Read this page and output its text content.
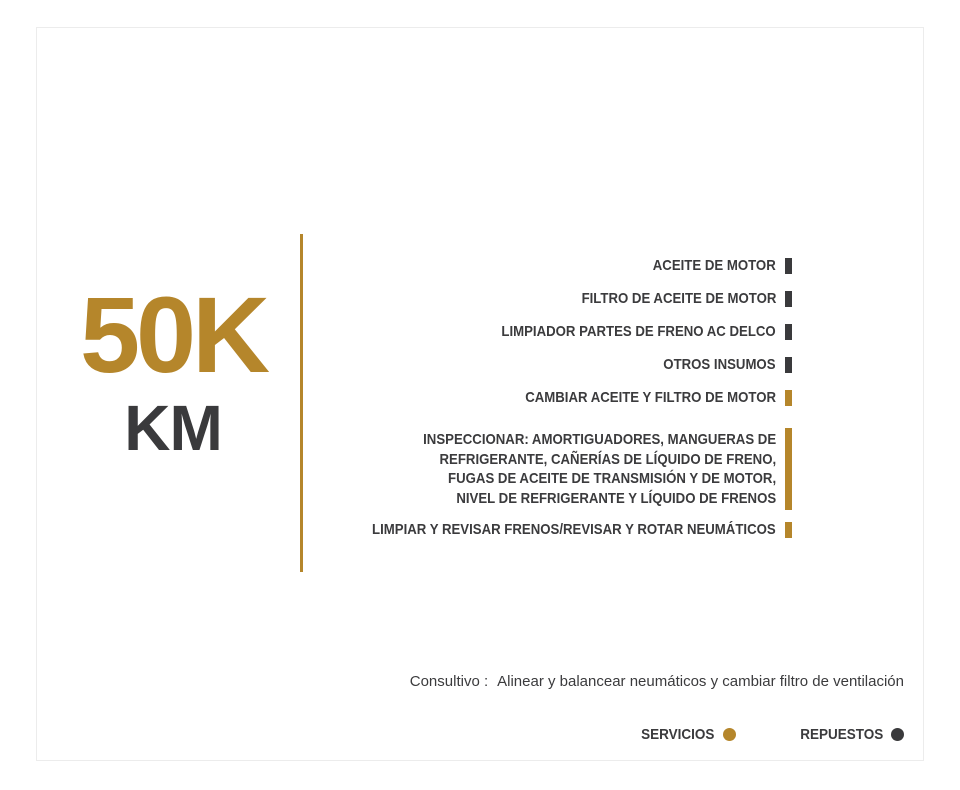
50K
KM
ACEITE DE MOTOR
FILTRO DE ACEITE DE MOTOR
LIMPIADOR PARTES DE FRENO AC DELCO
OTROS INSUMOS
CAMBIAR ACEITE Y FILTRO DE MOTOR
INSPECCIONAR: AMORTIGUADORES, MANGUERAS DE
REFRIGERANTE, CAÑERÍAS DE LÍQUIDO DE FRENO,
FUGAS DE ACEITE DE TRANSMISIÓN Y DE MOTOR,
NIVEL DE REFRIGERANTE Y LÍQUIDO DE FRENOS
LIMPIAR Y REVISAR FRENOS/REVISAR Y ROTAR NEUMÁTICOS
Consultivo : Alinear y balancear neumáticos y cambiar filtro de ventilación
SERVICIOS	REPUESTOS
